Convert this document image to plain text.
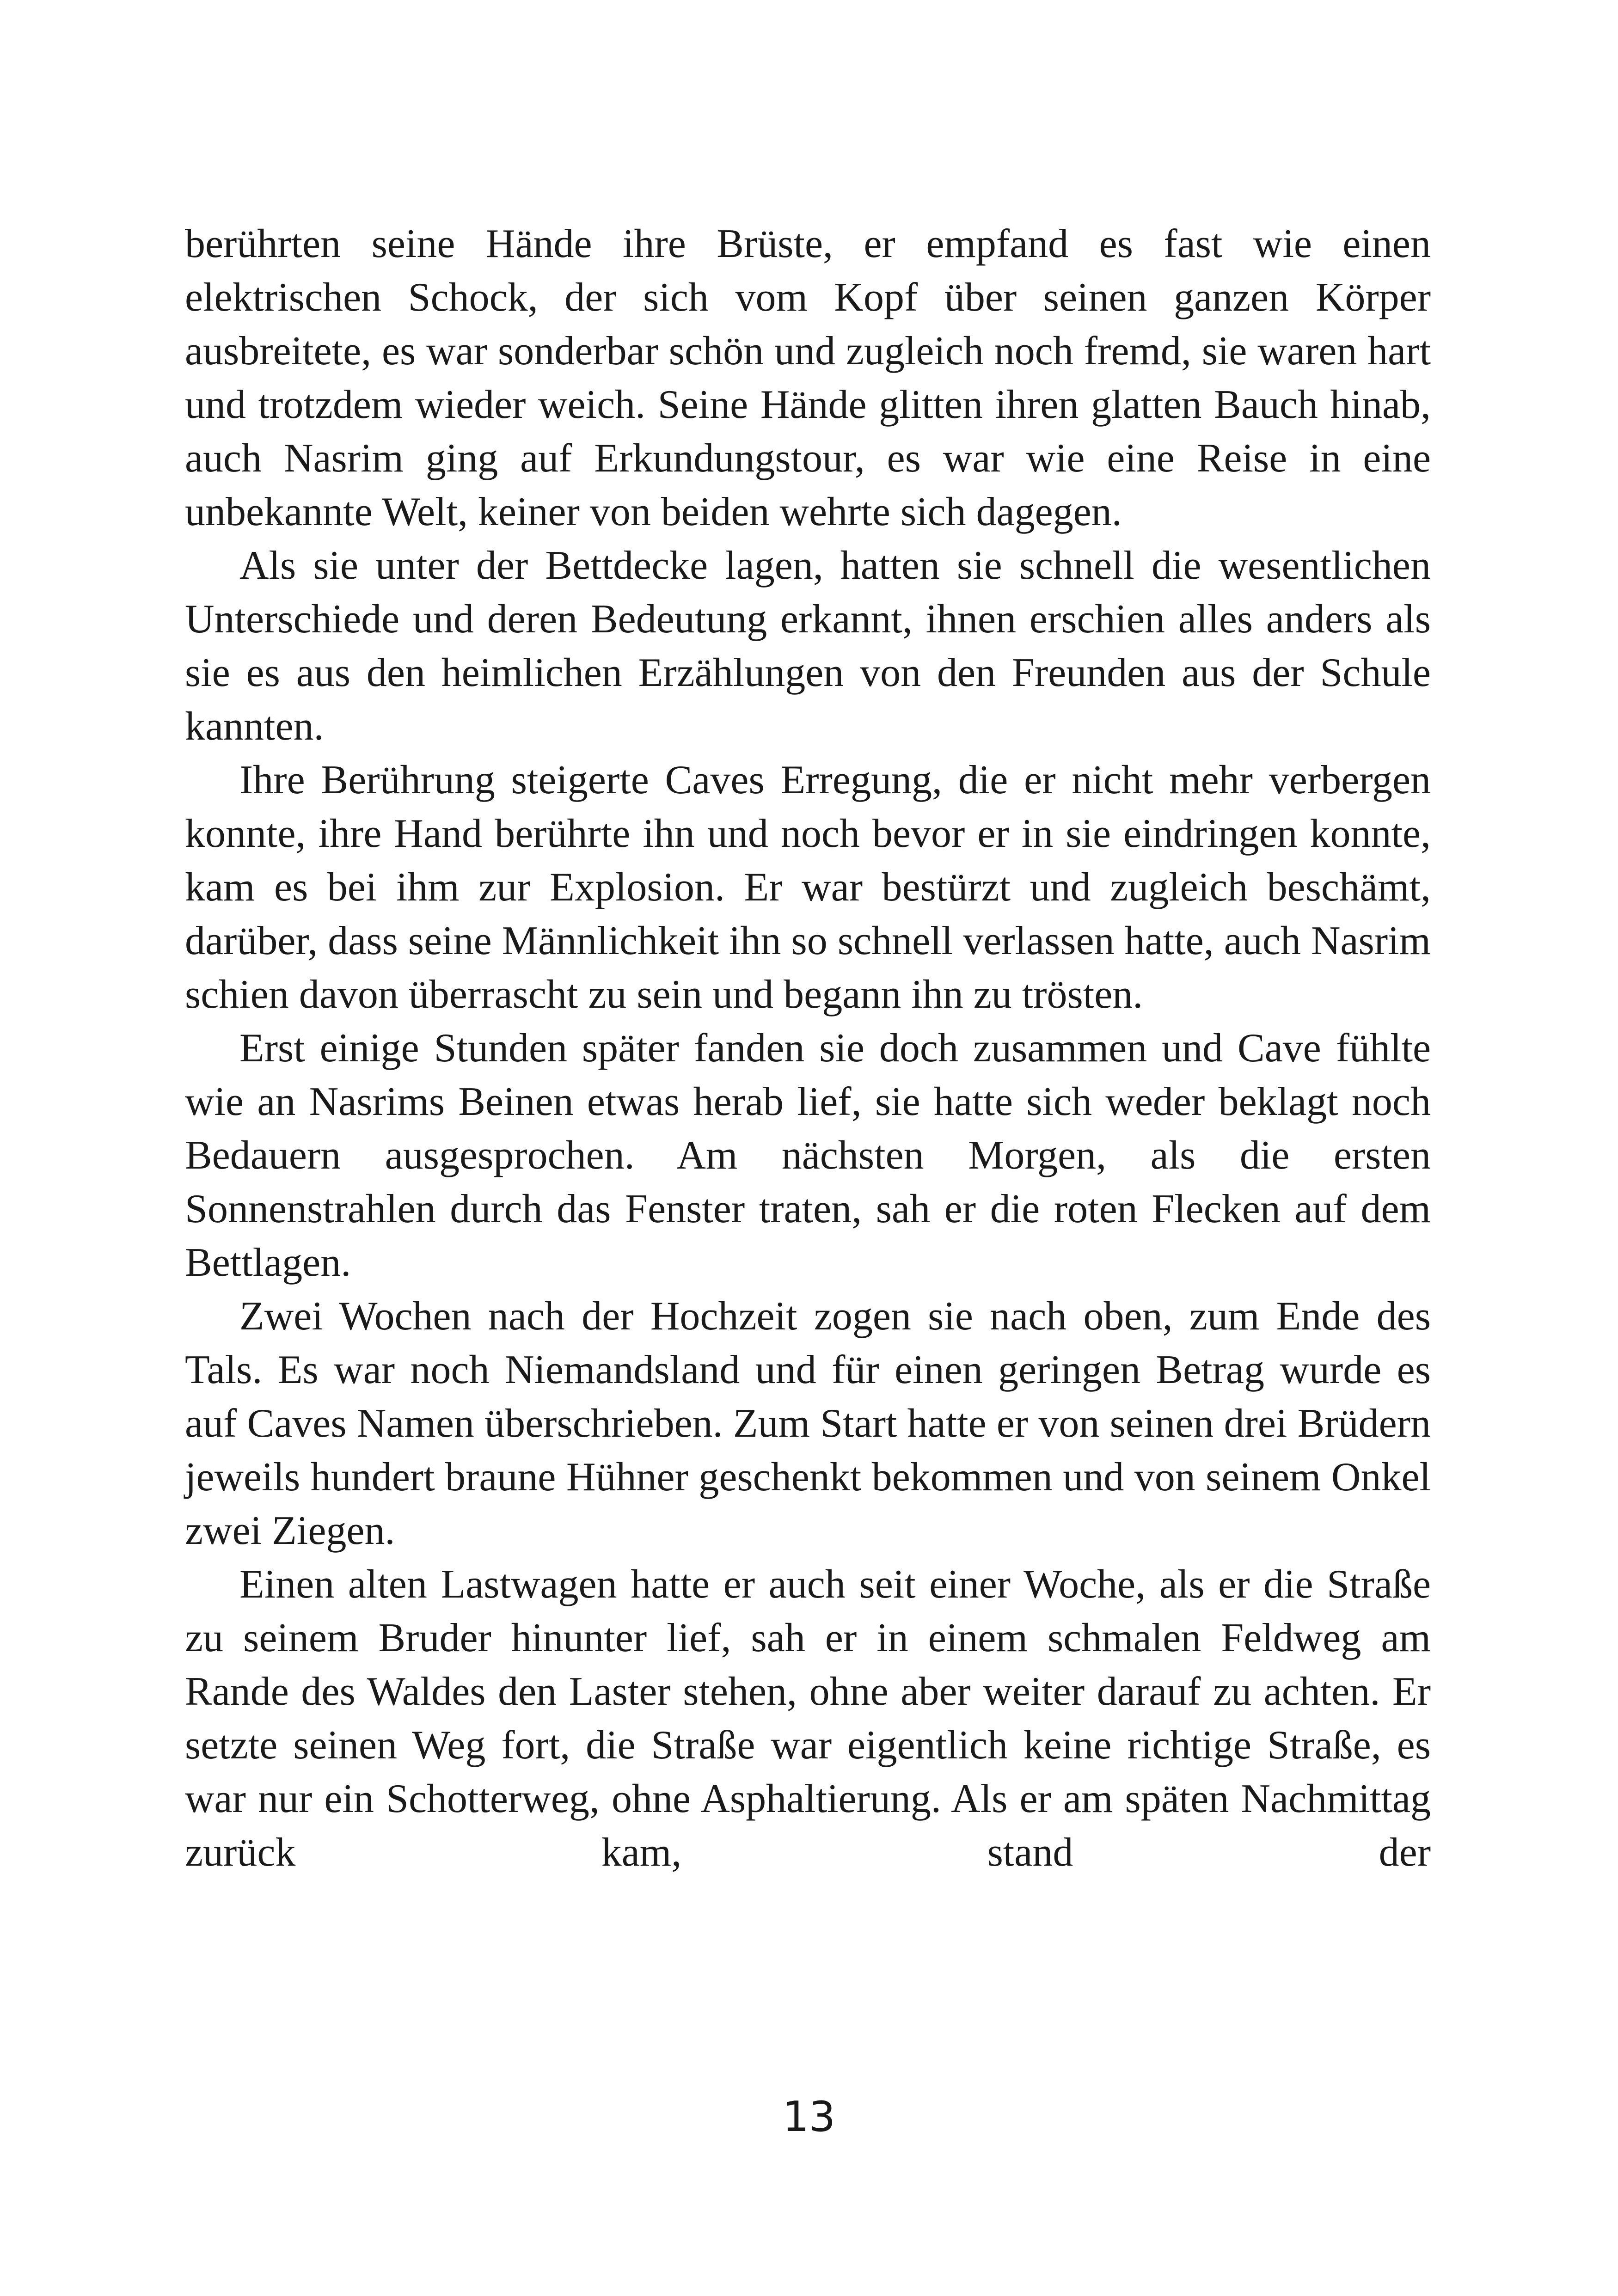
berührten seine Hände ihre Brüste, er empfand es fast wie einen elektrischen Schock, der sich vom Kopf über seinen ganzen Körper ausbreitete, es war sonderbar schön und zugleich noch fremd, sie waren hart und trotzdem wieder weich. Seine Hände glitten ihren glatten Bauch hinab, auch Nasrim ging auf Erkundungstour, es war wie eine Reise in eine unbekannte Welt, keiner von beiden wehrte sich dagegen.

Als sie unter der Bettdecke lagen, hatten sie schnell die wesentlichen Unterschiede und deren Bedeutung erkannt, ihnen erschien alles anders als sie es aus den heimlichen Erzählungen von den Freunden aus der Schule kannten.

Ihre Berührung steigerte Caves Erregung, die er nicht mehr verbergen konnte, ihre Hand berührte ihn und noch bevor er in sie eindringen konnte, kam es bei ihm zur Explosion. Er war bestürzt und zugleich beschämt, darüber, dass seine Männlichkeit ihn so schnell verlassen hatte, auch Nasrim schien davon überrascht zu sein und begann ihn zu trösten.

Erst einige Stunden später fanden sie doch zusammen und Cave fühlte wie an Nasrims Beinen etwas herab lief, sie hatte sich weder beklagt noch Bedauern ausgesprochen. Am nächsten Morgen, als die ersten Sonnenstrahlen durch das Fenster traten, sah er die roten Flecken auf dem Bettlagen.

Zwei Wochen nach der Hochzeit zogen sie nach oben, zum Ende des Tals. Es war noch Niemandsland und für einen geringen Betrag wurde es auf Caves Namen überschrieben. Zum Start hatte er von seinen drei Brüdern jeweils hundert braune Hühner geschenkt bekommen und von seinem Onkel zwei Ziegen.

Einen alten Lastwagen hatte er auch seit einer Woche, als er die Straße zu seinem Bruder hinunter lief, sah er in einem schmalen Feldweg am Rande des Waldes den Laster stehen, ohne aber weiter darauf zu achten. Er setzte seinen Weg fort, die Straße war eigentlich keine richtige Straße, es war nur ein Schotterweg, ohne Asphaltierung. Als er am späten Nachmittag zurück kam, stand der

13
